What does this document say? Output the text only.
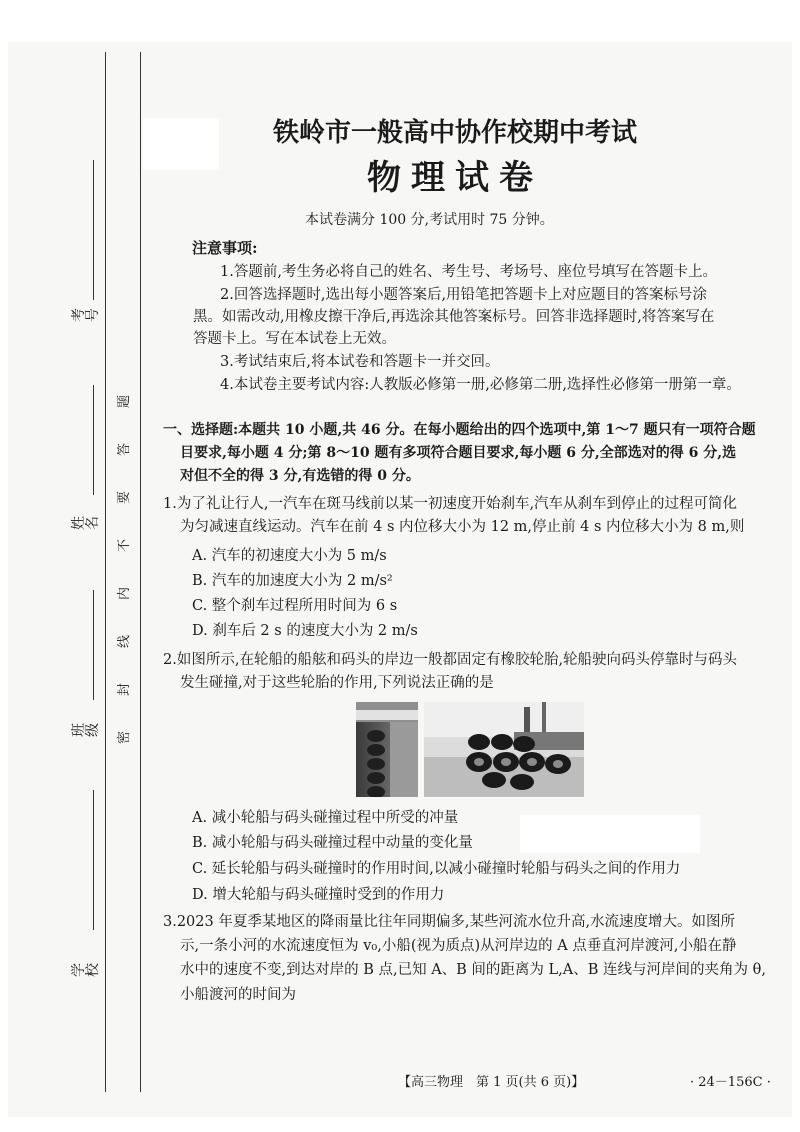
考号
姓名
班级
学校
题
答
要
不
内
线
封
密
铁岭市一般高中协作校期中考试
物理试卷
本试卷满分 100 分,考试用时 75 分钟。
注意事项:
1.答题前,考生务必将自己的姓名、考生号、考场号、座位号填写在答题卡上。
2.回答选择题时,选出每小题答案后,用铅笔把答题卡上对应题目的答案标号涂
黑。如需改动,用橡皮擦干净后,再选涂其他答案标号。回答非选择题时,将答案写在
答题卡上。写在本试卷上无效。
3.考试结束后,将本试卷和答题卡一并交回。
4.本试卷主要考试内容:人教版必修第一册,必修第二册,选择性必修第一册第一章。
一、选择题:本题共 10 小题,共 46 分。在每小题给出的四个选项中,第 1～7 题只有一项符合题
目要求,每小题 4 分;第 8～10 题有多项符合题目要求,每小题 6 分,全部选对的得 6 分,选
对但不全的得 3 分,有选错的得 0 分。
1.为了礼让行人,一汽车在斑马线前以某一初速度开始刹车,汽车从刹车到停止的过程可简化
为匀减速直线运动。汽车在前 4 s 内位移大小为 12 m,停止前 4 s 内位移大小为 8 m,则
A. 汽车的初速度大小为 5 m/s
B. 汽车的加速度大小为 2 m/s²
C. 整个刹车过程所用时间为 6 s
D. 刹车后 2 s 的速度大小为 2 m/s
2.如图所示,在轮船的船舷和码头的岸边一般都固定有橡胶轮胎,轮船驶向码头停靠时与码头
发生碰撞,对于这些轮胎的作用,下列说法正确的是
A. 减小轮船与码头碰撞过程中所受的冲量
B. 减小轮船与码头碰撞过程中动量的变化量
C. 延长轮船与码头碰撞时的作用时间,以减小碰撞时轮船与码头之间的作用力
D. 增大轮船与码头碰撞时受到的作用力
3.2023 年夏季某地区的降雨量比往年同期偏多,某些河流水位升高,水流速度增大。如图所
示,一条小河的水流速度恒为 v₀,小船(视为质点)从河岸边的 A 点垂直河岸渡河,小船在静
水中的速度不变,到达对岸的 B 点,已知 A、B 间的距离为 L,A、B 连线与河岸间的夹角为 θ,
小船渡河的时间为
【高三物理　第 1 页(共 6 页)】	· 24－156C ·
